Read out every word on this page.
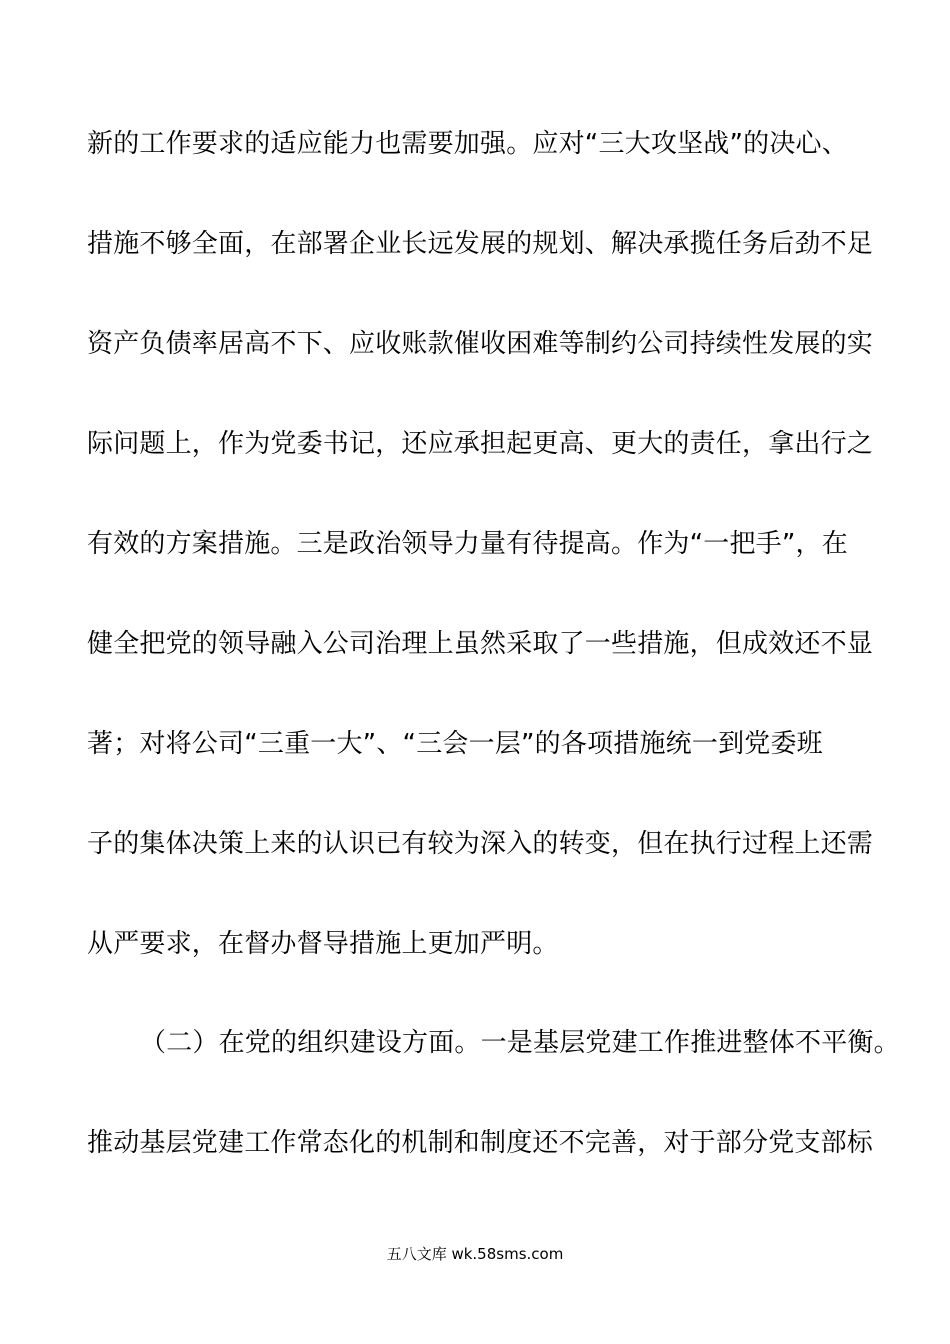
新的工作要求的适应能力也需要加强。应对“三大攻坚战”的决心、
措施不够全面，在部署企业长远发展的规划、解决承揽任务后劲不足
资产负债率居高不下、应收账款催收困难等制约公司持续性发展的实
际问题上，作为党委书记，还应承担起更高、更大的责任，拿出行之
有效的方案措施。三是政治领导力量有待提高。作为“一把手”，在
健全把党的领导融入公司治理上虽然采取了一些措施，但成效还不显
著；对将公司“三重一大”、“三会一层”的各项措施统一到党委班
子的集体决策上来的认识已有较为深入的转变，但在执行过程上还需
从严要求，在督办督导措施上更加严明。
（二）在党的组织建设方面。一是基层党建工作推进整体不平衡。
推动基层党建工作常态化的机制和制度还不完善，对于部分党支部标
五八文库 wk.58sms.com
